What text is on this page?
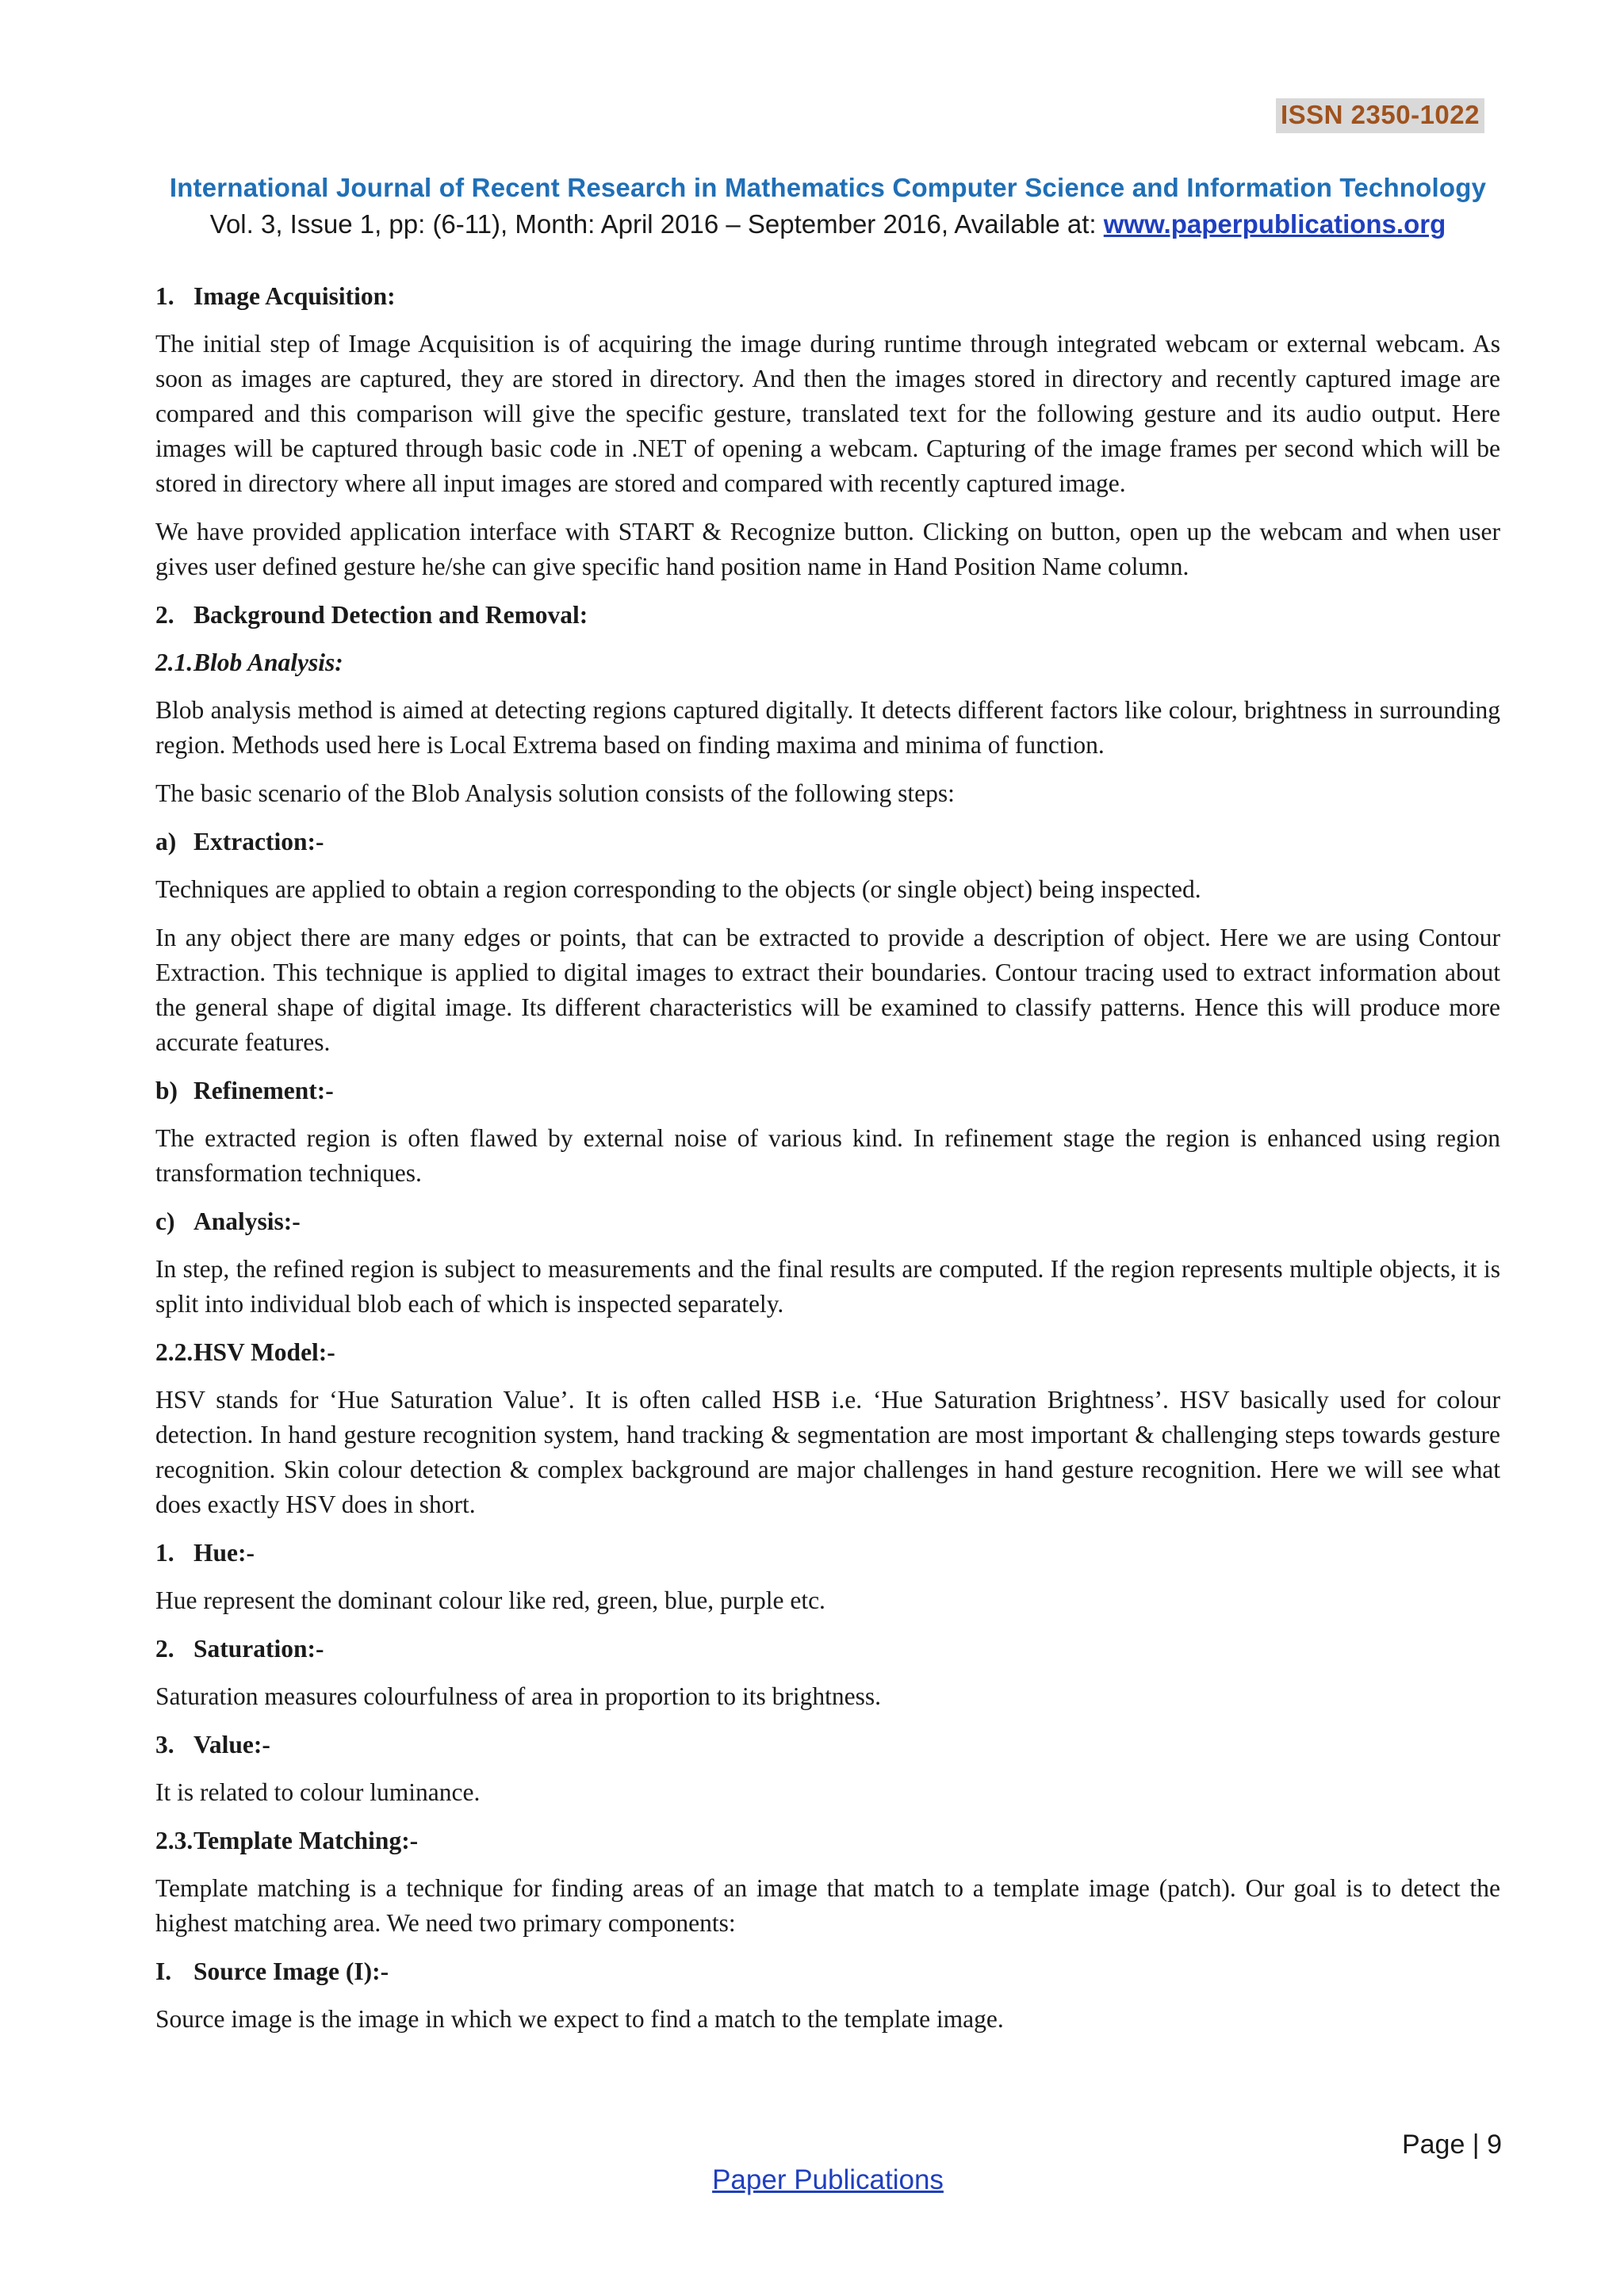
ISSN 2350-1022
International Journal of Recent Research in Mathematics Computer Science and Information Technology
Vol. 3, Issue 1, pp: (6-11), Month: April 2016 – September 2016, Available at: www.paperpublications.org
1. Image Acquisition:

The initial step of Image Acquisition is of acquiring the image during runtime through integrated webcam or external webcam. As soon as images are captured, they are stored in directory. And then the images stored in directory and recently captured image are compared and this comparison will give the specific gesture, translated text for the following gesture and its audio output. Here images will be captured through basic code in .NET of opening a webcam. Capturing of the image frames per second which will be stored in directory where all input images are stored and compared with recently captured image.

We have provided application interface with START & Recognize button. Clicking on button, open up the webcam and when user gives user defined gesture he/she can give specific hand position name in Hand Position Name column.

2. Background Detection and Removal:
2.1.Blob Analysis:

Blob analysis method is aimed at detecting regions captured digitally. It detects different factors like colour, brightness in surrounding region. Methods used here is Local Extrema based on finding maxima and minima of function.

The basic scenario of the Blob Analysis solution consists of the following steps:

a) Extraction:-

Techniques are applied to obtain a region corresponding to the objects (or single object) being inspected.

In any object there are many edges or points, that can be extracted to provide a description of object. Here we are using Contour Extraction. This technique is applied to digital images to extract their boundaries. Contour tracing used to extract information about the general shape of digital image. Its different characteristics will be examined to classify patterns. Hence this will produce more accurate features.

b) Refinement:-

The extracted region is often flawed by external noise of various kind. In refinement stage the region is enhanced using region transformation techniques.

c) Analysis:-

In step, the refined region is subject to measurements and the final results are computed. If the region represents multiple objects, it is split into individual blob each of which is inspected separately.

2.2.HSV Model:-

HSV stands for ‘Hue Saturation Value’. It is often called HSB i.e. ‘Hue Saturation Brightness’. HSV basically used for colour detection. In hand gesture recognition system, hand tracking & segmentation are most important & challenging steps towards gesture recognition. Skin colour detection & complex background are major challenges in hand gesture recognition. Here we will see what does exactly HSV does in short.

1. Hue:-

Hue represent the dominant colour like red, green, blue, purple etc.

2. Saturation:-

Saturation measures colourfulness of area in proportion to its brightness.

3. Value:-

It is related to colour luminance.

2.3.Template Matching:-

Template matching is a technique for finding areas of an image that match to a template image (patch). Our goal is to detect the highest matching area. We need two primary components:

I. Source Image (I):-

Source image is the image in which we expect to find a match to the template image.

Page | 9
Paper Publications
